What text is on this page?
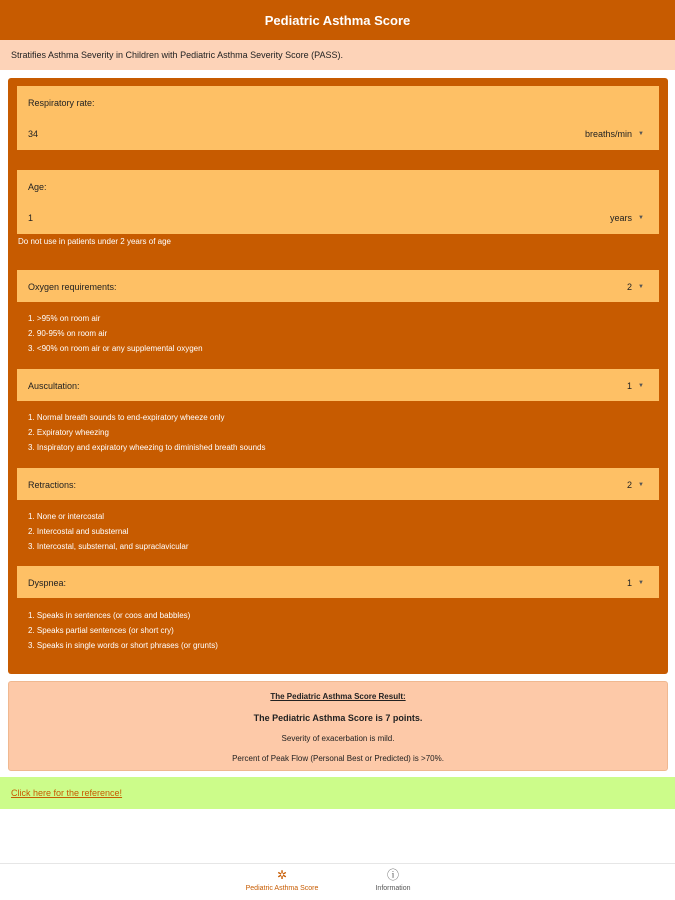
Pediatric Asthma Score
Stratifies Asthma Severity in Children with Pediatric Asthma Severity Score (PASS).
Respiratory rate:
34	breaths/min ▼
Age:
1	years ▼
Do not use in patients under 2 years of age
Oxygen requirements:	2 ▼
1. >95% on room air
2. 90-95% on room air
3. <90% on room air or any supplemental oxygen
Auscultation:	1 ▼
1. Normal breath sounds to end-expiratory wheeze only
2. Expiratory wheezing
3. Inspiratory and expiratory wheezing to diminished breath sounds
Retractions:	2 ▼
1. None or intercostal
2. Intercostal and substernal
3. Intercostal, substernal, and supraclavicular
Dyspnea:	1 ▼
1. Speaks in sentences (or coos and babbles)
2. Speaks partial sentences (or short cry)
3. Speaks in single words or short phrases (or grunts)
The Pediatric Asthma Score Result:
The Pediatric Asthma Score is 7 points.
Severity of exacerbation is mild.
Percent of Peak Flow (Personal Best or Predicted) is >70%.
Click here for the reference!
✲
Pediatric Asthma Score
ⓘ
Information
